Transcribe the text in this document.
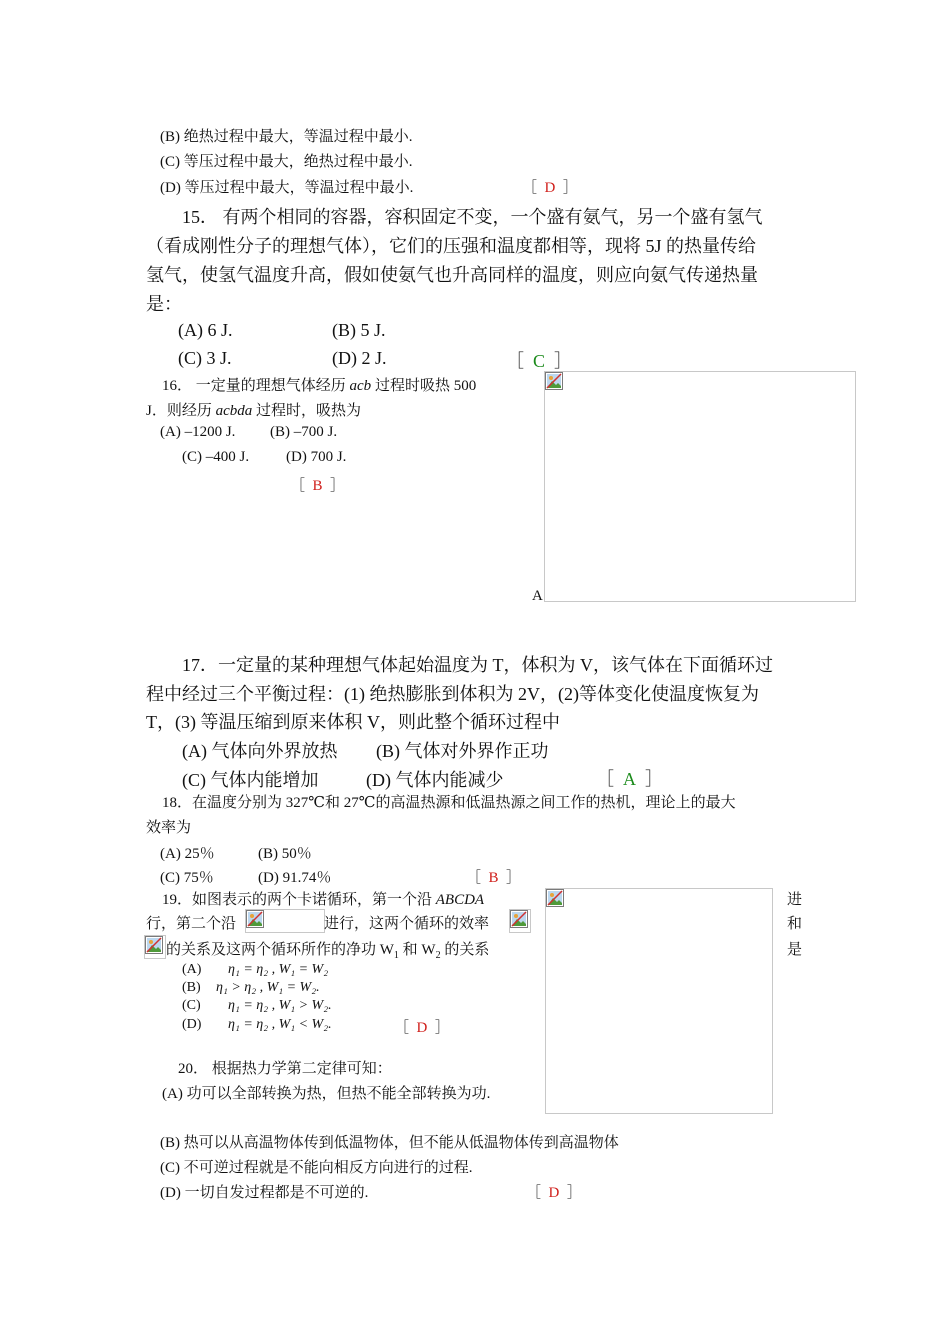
(B) 绝热过程中最大，等温过程中最小.
(C) 等压过程中最大，绝热过程中最小.
(D) 等压过程中最大，等温过程中最小.	［  D  ］
15． 有两个相同的容器，容积固定不变，一个盛有氨气，另一个盛有氢气
（看成刚性分子的理想气体），它们的压强和温度都相等，现将 5J 的热量传给
氢气，使氢气温度升高，假如使氨气也升高同样的温度，则应向氨气传递热量
是：
(A) 6 J.	(B) 5 J.
(C) 3 J.	(D) 2 J.	［  C  ］
16． 一定量的理想气体经历 acb 过程时吸热 500
J．则经历 acbda 过程时，吸热为
(A) –1200 J. (B) –700 J.
(C) –400 J. (D) 700 J.
［  B  ］
A
17．一定量的某种理想气体起始温度为 T，体积为 V，该气体在下面循环过
程中经过三个平衡过程：(1) 绝热膨胀到体积为 2V，(2)等体变化使温度恢复为
T，(3) 等温压缩到原来体积 V，则此整个循环过程中
(A) 气体向外界放热 (B) 气体对外界作正功
(C) 气体内能增加	(D) 气体内能减少	［  A  ］
18．在温度分别为 327℃和 27℃的高温热源和低温热源之间工作的热机，理论上的最大
效率为
(A) 25％	(B) 50％
(C) 75％	(D) 91.74％	［  B  ］
19．如图表示的两个卡诺循环，第一个沿 ABCDA	进
行，第二个沿	进行，这两个循环的效率	和
的关系及这两个循环所作的净功 $W_1$ 和 $W_2$ 的关系	是
(A) η₁ = η₂ , W₁ = W₂
(B) η₁ > η₂ , W₁ = W₂.
(C) η₁ = η₂ , W₁ > W₂.
(D) η₁ = η₂ , W₁ < W₂.	［  D  ］
20． 根据热力学第二定律可知：
(A) 功可以全部转换为热，但热不能全部转换为功.
(B) 热可以从高温物体传到低温物体，但不能从低温物体传到高温物体
(C) 不可逆过程就是不能向相反方向进行的过程.
(D) 一切自发过程都是不可逆的.	［  D  ］
